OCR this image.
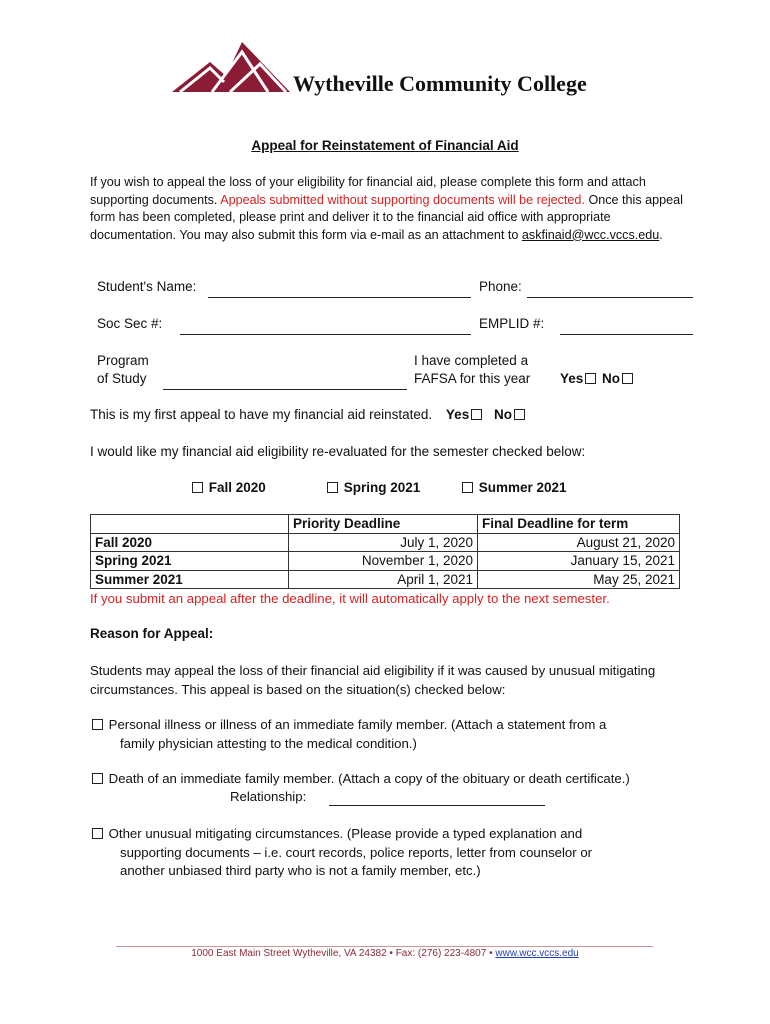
Wytheville Community College
Appeal for Reinstatement of Financial Aid
If you wish to appeal the loss of your eligibility for financial aid, please complete this form and attach supporting documents. Appeals submitted without supporting documents will be rejected. Once this appeal form has been completed, please print and deliver it to the financial aid office with appropriate documentation. You may also submit this form via e-mail as an attachment to askfinaid@wcc.vccs.edu.
Student's Name:	Phone:
Soc Sec #:	EMPLID #:
Program
of Study
I have completed a
FAFSA for this year Yes No
This is my first appeal to have my financial aid reinstated. Yes No
I would like my financial aid eligibility re-evaluated for the semester checked below:
Fall 2020	Spring 2021	Summer 2021
	Priority Deadline	Final Deadline for term
Fall 2020	July 1, 2020	August 21, 2020
Spring 2021	November 1, 2020	January 15, 2021
Summer 2021	April 1, 2021	May 25, 2021
If you submit an appeal after the deadline, it will automatically apply to the next semester.
Reason for Appeal:
Students may appeal the loss of their financial aid eligibility if it was caused by unusual mitigating circumstances. This appeal is based on the situation(s) checked below:
Personal illness or illness of an immediate family member. (Attach a statement from a
family physician attesting to the medical condition.)
Death of an immediate family member. (Attach a copy of the obituary or death certificate.)
Relationship:
Other unusual mitigating circumstances. (Please provide a typed explanation and
supporting documents – i.e. court records, police reports, letter from counselor or
another unbiased third party who is not a family member, etc.)
1000 East Main Street Wytheville, VA 24382 • Fax: (276) 223-4807 • www.wcc.vccs.edu
